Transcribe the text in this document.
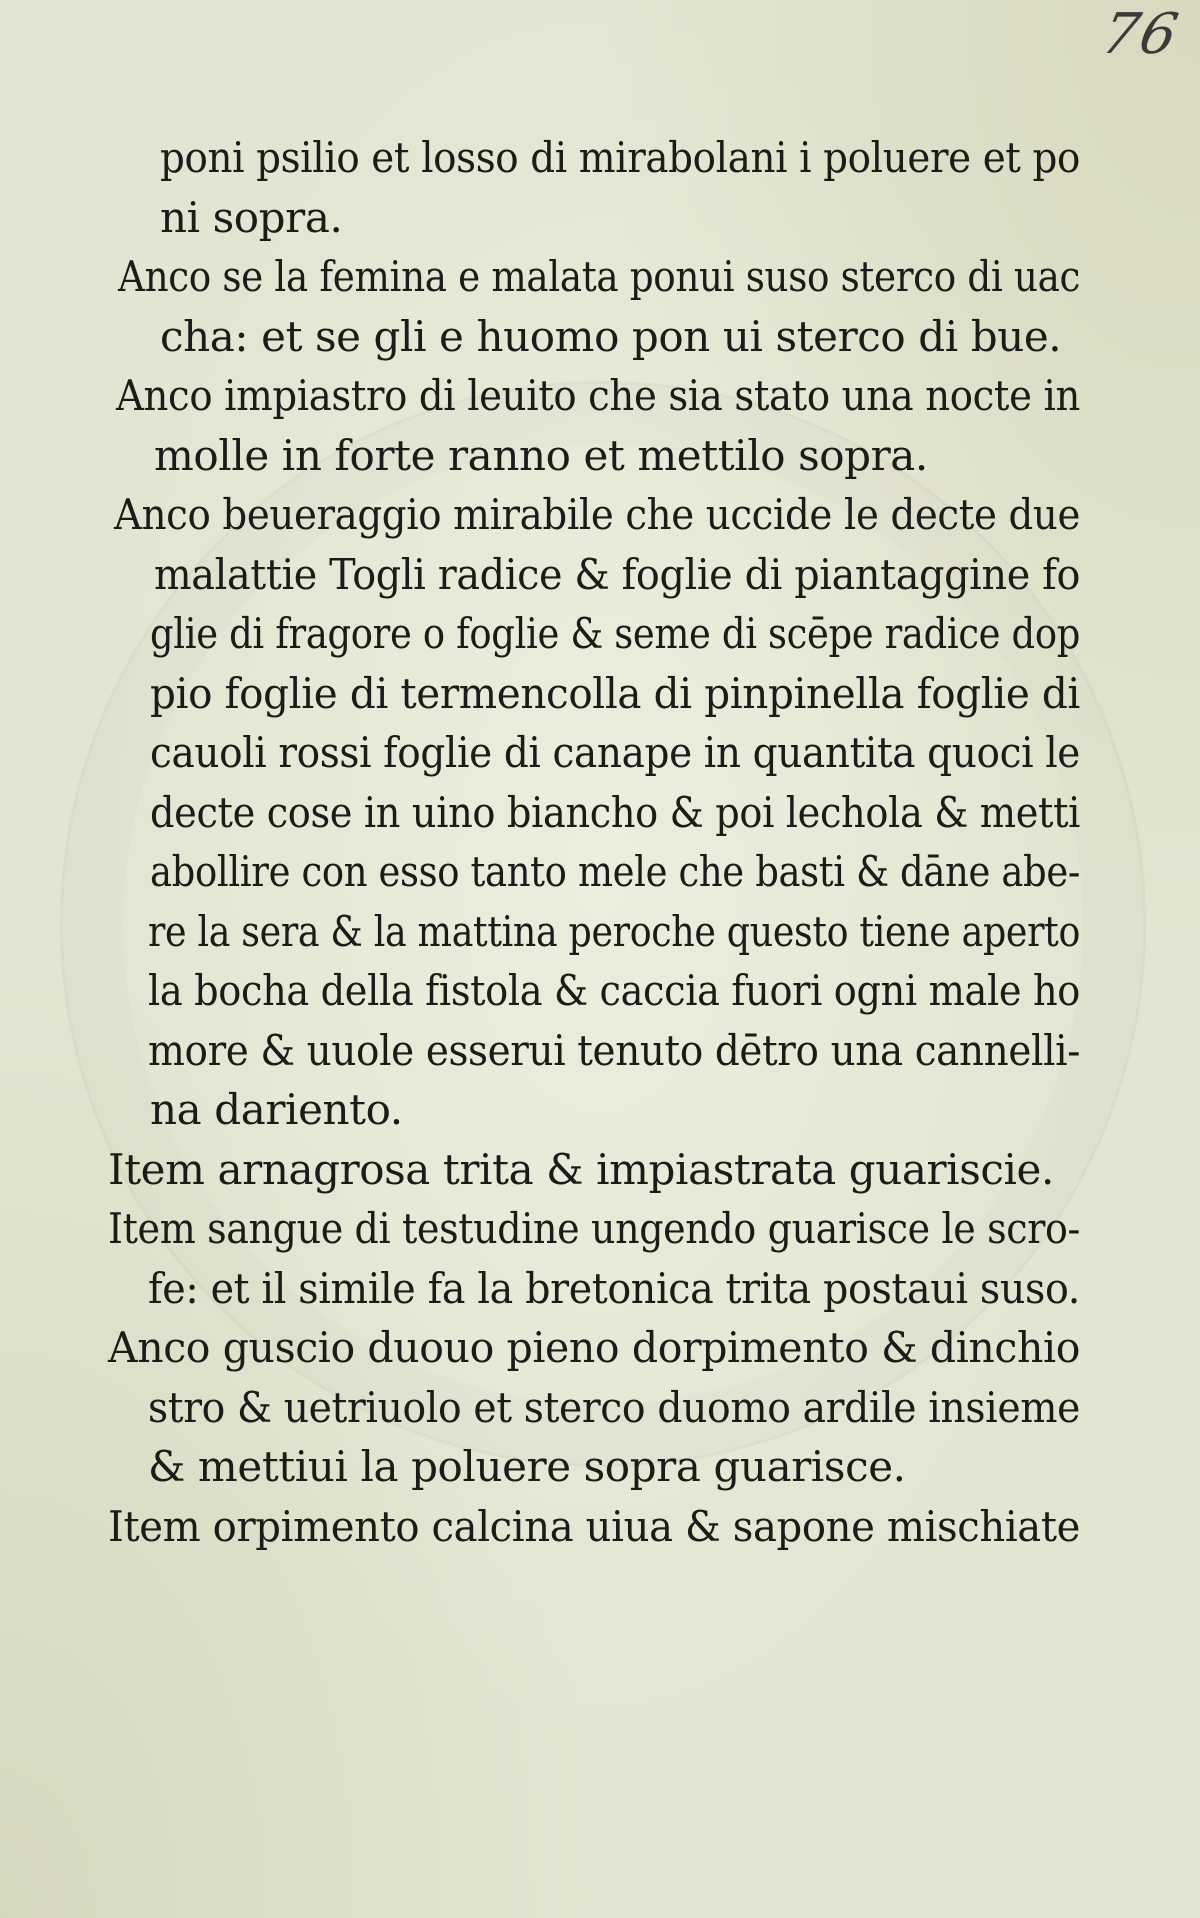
76
poni psilio et losso di mirabolani i poluere et po
ni sopra.
Anco se la femina e malata ponui suso sterco di uac
cha: et se gli e huomo pon ui sterco di bue.
Anco impiastro di leuito che sia stato una nocte in
molle in forte ranno et mettilo sopra.
Anco beueraggio mirabile che uccide le decte due
malattie Togli radice & foglie di piantaggine fo
glie di fragore o foglie & seme di scēpe radice dop
pio foglie di termencolla di pinpinella foglie di
cauoli rossi foglie di canape in quantita quoci le
decte cose in uino biancho & poi lechola & metti
abollire con esso tanto mele che basti & dāne abe-
re la sera & la mattina peroche questo tiene aperto
la bocha della fistola & caccia fuori ogni male ho
more & uuole esserui tenuto dētro una cannelli-
na dariento.
Item arnagrosa trita & impiastrata guariscie.
Item sangue di testudine ungendo guarisce le scro-
fe: et il simile fa la bretonica trita postaui suso.
Anco guscio duouo pieno dorpimento & dinchio
stro & uetriuolo et sterco duomo ardile insieme
& mettiui la poluere sopra guarisce.
Item orpimento calcina uiua & sapone mischiate
